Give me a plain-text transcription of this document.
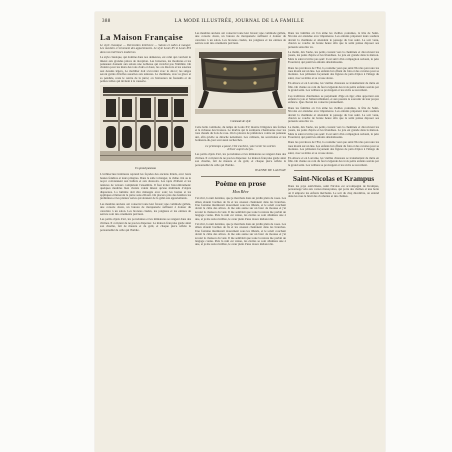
388	LA MODE ILLUSTRÉE, JOURNAL DE LA FAMILLE
La Maison Française

Le style classique — Décoration intérieure — Salons et salles à manger. Les meubles. L'ornement des appartements. Le style Louis XV et Louis XVI dans nos intérieurs modernes.

Le style classique, qui domine dans nos demeures, est celui qui convient le mieux aux grandes pièces de réception. Les boiseries, les moulures et les panneaux donnent aux salons une noblesse qui n'exclut pas l'intimité. On choisira pour les murs des tons clairs et doux, les ors discrets et les soieries aux dessins légers. Le mobilier doit s'accorder avec le décor; les sièges seront garnis d'étoffes assorties aux tentures. La cheminée, avec sa glace et sa pendule, reste le centre de la pièce; on l'entourera de fauteuils et de petites tables qui invitent à la causerie.

Un grand panneau

L'architecture intérieure reprend les façades des anciens hôtels, avec leurs hautes fenêtres et leurs pilastres. Dans la salle à manger, le chêne ciré ou le noyer conviennent aux buffets et aux dressoirs. Les tapis d'Orient et les tentures de velours complètent l'ensemble. Il faut éviter l'encombrement: quelques meubles bien choisis valent mieux qu'une multitude d'objets disparates. La lumière doit être ménagée avec soin; les lustres et les appliques éclaireront la pièce sans éblouir. On placera près des fenêtres les jardinières et les plantes vertes qui donnent de la gaîté aux appartements.

Les meubles anciens ont conservé toute leur faveur; une commode galbée, une console dorée, un bureau de marqueterie suffisent à donner du caractère à un salon. Les bronzes ciselés, les poignées et les entrées de serrure sont des ornements précieux.

Les petits objets d'art, les porcelaines et les miniatures se rangent dans des vitrines. Il convient de ne pas les disperser. La maison française garde ainsi son charme, fait de mesure et de goût, et chaque pièce reflète la personnalité de celle qui l'habite.

Les meubles anciens ont conservé toute leur faveur; une commode galbée, une console dorée, un bureau de marqueterie suffisent à donner du caractère à un salon. Les bronzes ciselés, les poignées et les entrées de serrure sont des ornements précieux.

Commode de style

Cette belle commode, du temps de Louis XV, montre l'élégance des formes et la richesse des bronzes. Le marbre qui la surmonte s'harmonise avec les tons chauds du bois de rose. On la placera de préférence contre un panneau uni, afin qu'elle se détache nettement. Les cabinets, les secrétaires et les bonheurs-du-jour sont aussi recherchés.

Le printemps a passé, l'été s'achève, voici venir les soirées d'hiver auprès du feu.

Les petits objets d'art, les porcelaines et les miniatures se rangent dans des vitrines. Il convient de ne pas les disperser. La maison française garde ainsi son charme, fait de mesure et de goût, et chaque pièce reflète la personnalité de celle qui l'habite.

JEANNE DE LAUNAY

Poème en prose
Mon Rêve

J'ai rêvé, la nuit dernière, que je marchais dans un jardin plein de roses. Les allées étaient bordées de lis et les oiseaux chantaient dans les branches. Une fontaine murmurait doucement sous les tilleuls, et le soleil couchant dorait la cime des arbres. Je me suis assise sur un banc de mousse et j'ai écouté la chanson du vent. Il me semblait que toute la nature me parlait un langage connu. Puis la nuit est venue, les étoiles se sont allumées une à une, et je me suis réveillée, le cœur plein d'une douce mélancolie.

J'ai rêvé, la nuit dernière, que je marchais dans un jardin plein de roses. Les allées étaient bordées de lis et les oiseaux chantaient dans les branches. Une fontaine murmurait doucement sous les tilleuls, et le soleil couchant dorait la cime des arbres. Je me suis assise sur un banc de mousse et j'ai écouté la chanson du vent. Il me semblait que toute la nature me parlait un langage connu. Puis la nuit est venue, les étoiles se sont allumées une à une, et je me suis réveillée, le cœur plein d'une douce mélancolie.

Dans les familles où l'on aime les vieilles coutumes, la fête de Saint-Nicolas est attendue avec impatience. Les enfants préparent leurs souliers devant la cheminée et attendent le passage du bon saint. Le soir venu, chacun se couche de bonne heure afin que le saint puisse déposer ses présents sans être vu.

Le matin, dès l'aube, les petits courent vers la cheminée et découvrent les jouets, les pains d'épice et les friandises. La joie est grande dans la maison. Mais le saint n'arrive pas seul: il est suivi d'un compagnon redouté, le père Fouettard, qui punit les enfants désobéissants.

Dans les provinces de l'Est, la coutume veut que saint Nicolas parcoure les rues monté sur un âne. Les enfants lui offrent du foin et des carottes pour sa monture. Les pâtissiers façonnent des figures de pain d'épice à l'image du saint, avec sa mitre et sa crosse dorée.

En Alsace et en Lorraine, les vieilles chansons se transmettent de mère en fille. On chante au coin du feu la légende des trois petits enfants sauvés par le grand saint. Les veillées se prolongent et les récits se succèdent.

Ces traditions charmantes se perpétuent d'âge en âge; elles apportent aux enfants la joie et l'émerveillement, et aux parents le souvenir de leur propre enfance. Que chacun les conserve pieusement.

Dans les familles où l'on aime les vieilles coutumes, la fête de Saint-Nicolas est attendue avec impatience. Les enfants préparent leurs souliers devant la cheminée et attendent le passage du bon saint. Le soir venu, chacun se couche de bonne heure afin que le saint puisse déposer ses présents sans être vu.

Le matin, dès l'aube, les petits courent vers la cheminée et découvrent les jouets, les pains d'épice et les friandises. La joie est grande dans la maison. Mais le saint n'arrive pas seul: il est suivi d'un compagnon redouté, le père Fouettard, qui punit les enfants désobéissants.

Dans les provinces de l'Est, la coutume veut que saint Nicolas parcoure les rues monté sur un âne. Les enfants lui offrent du foin et des carottes pour sa monture. Les pâtissiers façonnent des figures de pain d'épice à l'image du saint, avec sa mitre et sa crosse dorée.

En Alsace et en Lorraine, les vieilles chansons se transmettent de mère en fille. On chante au coin du feu la légende des trois petits enfants sauvés par le grand saint. Les veillées se prolongent et les récits se succèdent.

Saint-Nicolas et Krampus

Dans les pays autrichiens, saint Nicolas est accompagné de Krampus, personnage velu aux cornes menaçantes, qui porte des chaînes et une hotte où il emporte les enfants méchants. Le soir du cinq décembre, on entend dans les rues le bruit des clochettes et des chaînes.
